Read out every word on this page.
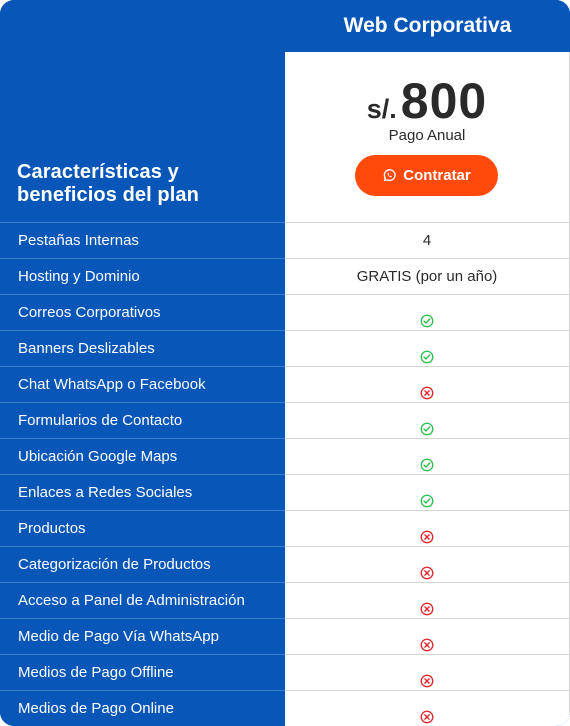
Características y beneficios del plan
Web Corporativa
s/. 800
Pago Anual
Contratar
Pestañas Internas	4
Hosting y Dominio	GRATIS (por un año)
Correos Corporativos
Banners Deslizables
Chat WhatsApp o Facebook
Formularios de Contacto
Ubicación Google Maps
Enlaces a Redes Sociales
Productos
Categorización de Productos
Acceso a Panel de Administración
Medio de Pago Vía WhatsApp
Medios de Pago Offline
Medios de Pago Online
